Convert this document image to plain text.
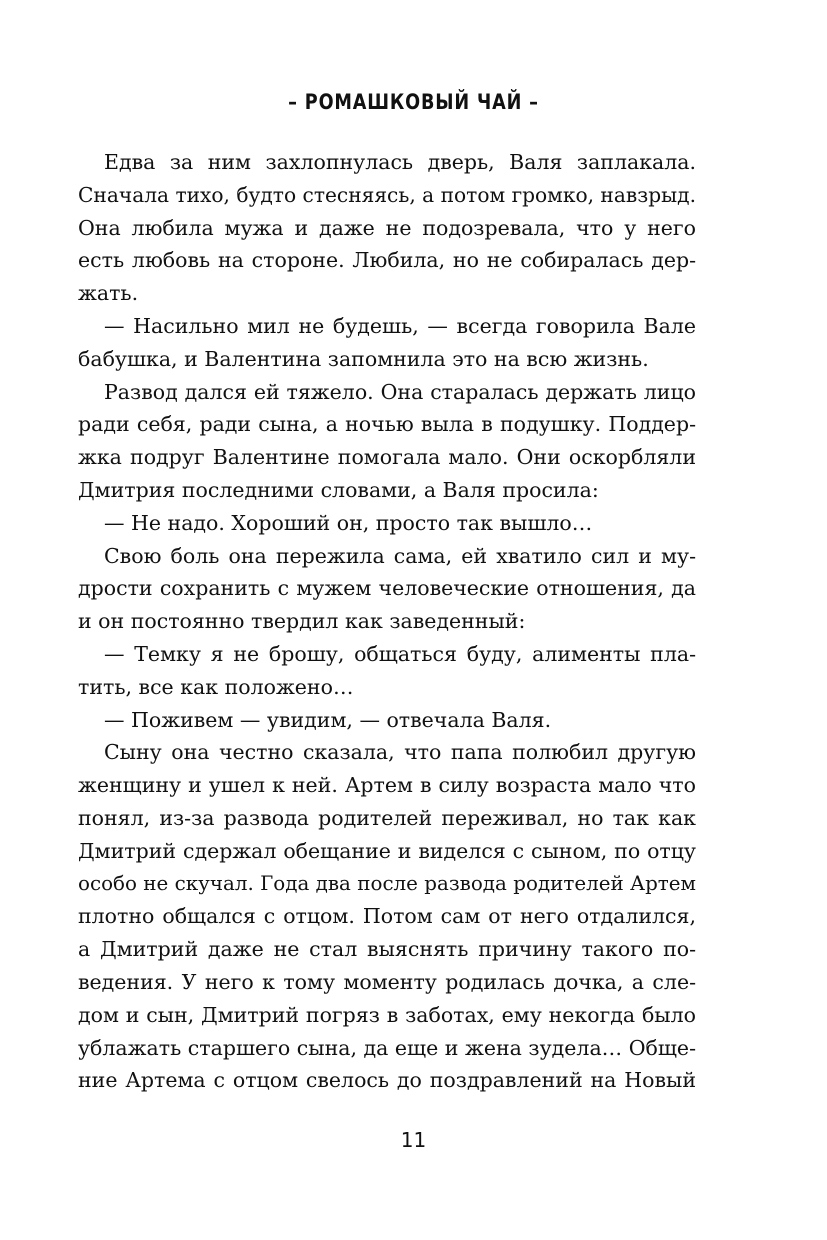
– РОМАШКОВЫЙ ЧАЙ –
Едва за ним захлопнулась дверь, Валя заплакала.
Сначала тихо, будто стесняясь, а потом громко, навзрыд.
Она любила мужа и даже не подозревала, что у него
есть любовь на стороне. Любила, но не собиралась дер-
жать.
— Насильно мил не будешь, — всегда говорила Вале
бабушка, и Валентина запомнила это на всю жизнь.
Развод дался ей тяжело. Она старалась держать лицо
ради себя, ради сына, а ночью выла в подушку. Поддер-
жка подруг Валентине помогала мало. Они оскорбляли
Дмитрия последними словами, а Валя просила:
— Не надо. Хороший он, просто так вышло…
Свою боль она пережила сама, ей хватило сил и му-
дрости сохранить с мужем человеческие отношения, да
и он постоянно твердил как заведенный:
— Темку я не брошу, общаться буду, алименты пла-
тить, все как положено…
— Поживем — увидим, — отвечала Валя.
Сыну она честно сказала, что папа полюбил другую
женщину и ушел к ней. Артем в силу возраста мало что
понял, из-за развода родителей переживал, но так как
Дмитрий сдержал обещание и виделся с сыном, по отцу
особо не скучал. Года два после развода родителей Артем
плотно общался с отцом. Потом сам от него отдалился,
а Дмитрий даже не стал выяснять причину такого по-
ведения. У него к тому моменту родилась дочка, а сле-
дом и сын, Дмитрий погряз в заботах, ему некогда было
ублажать старшего сына, да еще и жена зудела… Обще-
ние Артема с отцом свелось до поздравлений на Новый
11
